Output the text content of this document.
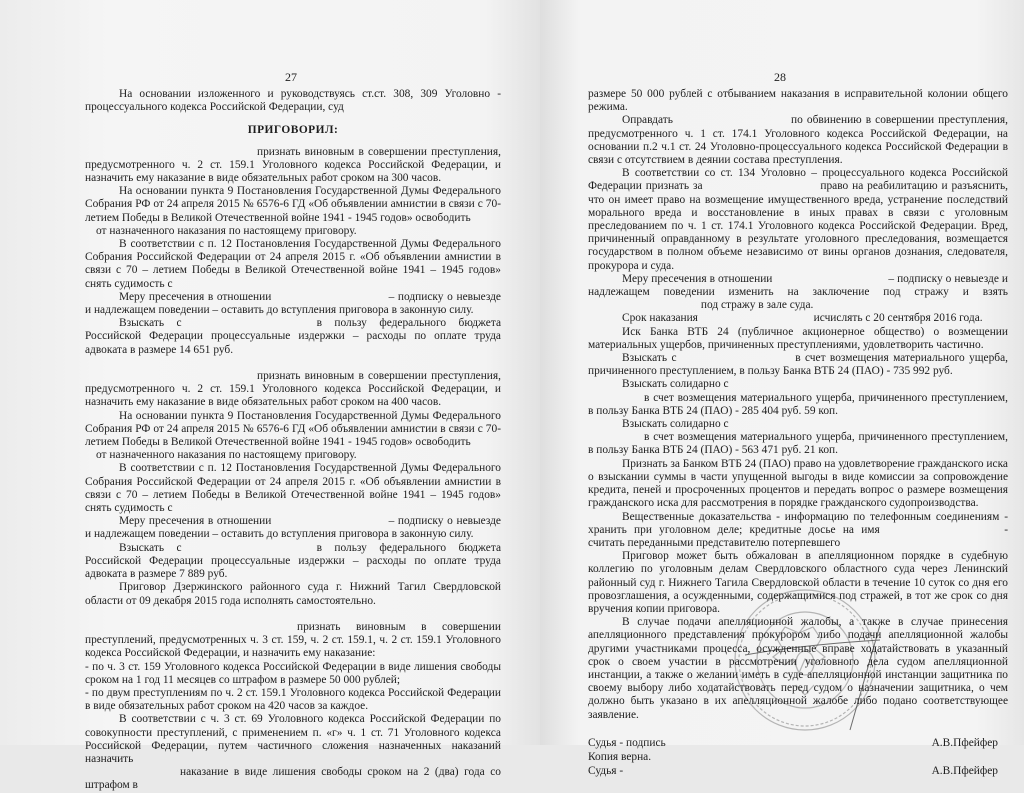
27	28

На основании изложенного и руководствуясь ст.ст. 308, 309 Уголовно - процессуального кодекса Российской Федерации, суд

ПРИГОВОРИЛ:

признать виновным в совершении преступления, предусмотренного ч. 2 ст. 159.1 Уголовного кодекса Российской Федерации, и назначить ему наказание в виде обязательных работ сроком на 300 часов.

На основании пункта 9 Постановления Государственной Думы Федерального Собрания РФ от 24 апреля 2015 № 6576-6 ГД «Об объявлении амнистии в связи с 70-летием Победы в Великой Отечественной войне 1941 - 1945 годов» освободить

от назначенного наказания по настоящему приговору.

В соответствии с п. 12 Постановления Государственной Думы Федерального Собрания Российской Федерации от 24 апреля 2015 г. «Об объявлении амнистии в связи с 70 – летием Победы в Великой Отечественной войне 1941 – 1945 годов» снять судимость с

Меру пресечения в отношении	– подписку о невыезде и надлежащем поведении – оставить до вступления приговора в законную силу.

Взыскать с	в пользу федерального бюджета Российской Федерации процессуальные издержки – расходы по оплате труда адвоката в размере 14 651 руб.

признать виновным в совершении преступления, предусмотренного ч. 2 ст. 159.1 Уголовного кодекса Российской Федерации, и назначить ему наказание в виде обязательных работ сроком на 400 часов.

На основании пункта 9 Постановления Государственной Думы Федерального Собрания РФ от 24 апреля 2015 № 6576-6 ГД «Об объявлении амнистии в связи с 70-летием Победы в Великой Отечественной войне 1941 - 1945 годов» освободить

от назначенного наказания по настоящему приговору.

В соответствии с п. 12 Постановления Государственной Думы Федерального Собрания Российской Федерации от 24 апреля 2015 г. «Об объявлении амнистии в связи с 70 – летием Победы в Великой Отечественной войне 1941 – 1945 годов» снять судимость с

Меру пресечения в отношении	– подписку о невыезде и надлежащем поведении – оставить до вступления приговора в законную силу.

Взыскать с	в пользу федерального бюджета Российской Федерации процессуальные издержки – расходы по оплате труда адвоката в размере 7 889 руб.

Приговор Дзержинского районного суда г. Нижний Тагил Свердловской области от 09 декабря 2015 года исполнять самостоятельно.

признать виновным в совершении преступлений, предусмотренных ч. 3 ст. 159, ч. 2 ст. 159.1, ч. 2 ст. 159.1 Уголовного кодекса Российской Федерации, и назначить ему наказание:

- по ч. 3 ст. 159 Уголовного кодекса Российской Федерации в виде лишения свободы сроком на 1 год 11 месяцев со штрафом в размере 50 000 рублей;

- по двум преступлениям по ч. 2 ст. 159.1 Уголовного кодекса Российской Федерации в виде обязательных работ сроком на 420 часов за каждое.

В соответствии с ч. 3 ст. 69 Уголовного кодекса Российской Федерации по совокупности преступлений, с применением п. «г» ч. 1 ст. 71 Уголовного кодекса Российской Федерации, путем частичного сложения назначенных наказаний назначить

наказание в виде лишения свободы сроком на 2 (два) года со штрафом в

размере 50 000 рублей с отбыванием наказания в исправительной колонии общего режима.

Оправдать	по обвинению в совершении преступления, предусмотренного ч. 1 ст. 174.1 Уголовного кодекса Российской Федерации, на основании п.2 ч.1 ст. 24 Уголовно-процессуального кодекса Российской Федерации в связи с отсутствием в деянии состава преступления.

В соответствии со ст. 134 Уголовно – процессуального кодекса Российской Федерации признать за	право на реабилитацию и разъяснить, что он имеет право на возмещение имущественного вреда, устранение последствий морального вреда и восстановление в иных правах в связи с уголовным преследованием по ч. 1 ст. 174.1 Уголовного кодекса Российской Федерации. Вред, причиненный оправданному в результате уголовного преследования, возмещается государством в полном объеме независимо от вины органов дознания, следователя, прокурора и суда.

Меру пресечения в отношении	– подписку о невыезде и надлежащем поведении изменить на заключение под стражу и взять  под стражу в зале суда.

Срок наказания	исчислять с 20 сентября 2016 года.

Иск Банка ВТБ 24 (публичное акционерное общество) о возмещении материальных ущербов, причиненных преступлениями, удовлетворить частично.

Взыскать с	в счет возмещения материального ущерба, причиненного преступлением, в пользу Банка ВТБ 24 (ПАО) - 735 992 руб.

Взыскать солидарно с

в счет возмещения материального ущерба, причиненного преступлением, в пользу Банка ВТБ 24 (ПАО) - 285 404 руб. 59 коп.

Взыскать солидарно с

в счет возмещения материального ущерба, причиненного преступлением, в пользу Банка ВТБ 24 (ПАО) - 563 471 руб. 21 коп.

Признать за Банком ВТБ 24 (ПАО) право на удовлетворение гражданского иска о взыскании суммы в части упущенной выгоды в виде комиссии за сопровождение кредита, пеней и просроченных процентов и передать вопрос о размере возмещения гражданского иска для рассмотрения в порядке гражданского судопроизводства.

Вещественные доказательства - информацию по телефонным соединениям - хранить при уголовном деле; кредитные досье на имя	- считать переданными представителю потерпевшего

Приговор может быть обжалован в апелляционном порядке в судебную коллегию по уголовным делам Свердловского областного суда через Ленинский районный суд г. Нижнего Тагила Свердловской области в течение 10 суток со дня его провозглашения, а осужденными, содержащимися под стражей, в тот же срок со дня вручения копии приговора.

В случае подачи апелляционной жалобы, а также в случае принесения апелляционного представления прокурором либо подачи апелляционной жалобы другими участниками процесса, осужденные вправе ходатайствовать в указанный срок о своем участии в рассмотрении уголовного дела судом апелляционной инстанции, а также о желании иметь в суде апелляционной инстанции защитника по своему выбору либо ходатайствовать перед судом о назначении защитника, о чем должно быть указано в их апелляционной жалобе либо подано соответствующее заявление.

Судья - подпись	А.В.Пфейфер
Копия верна.
Судья -	А.В.Пфейфер
